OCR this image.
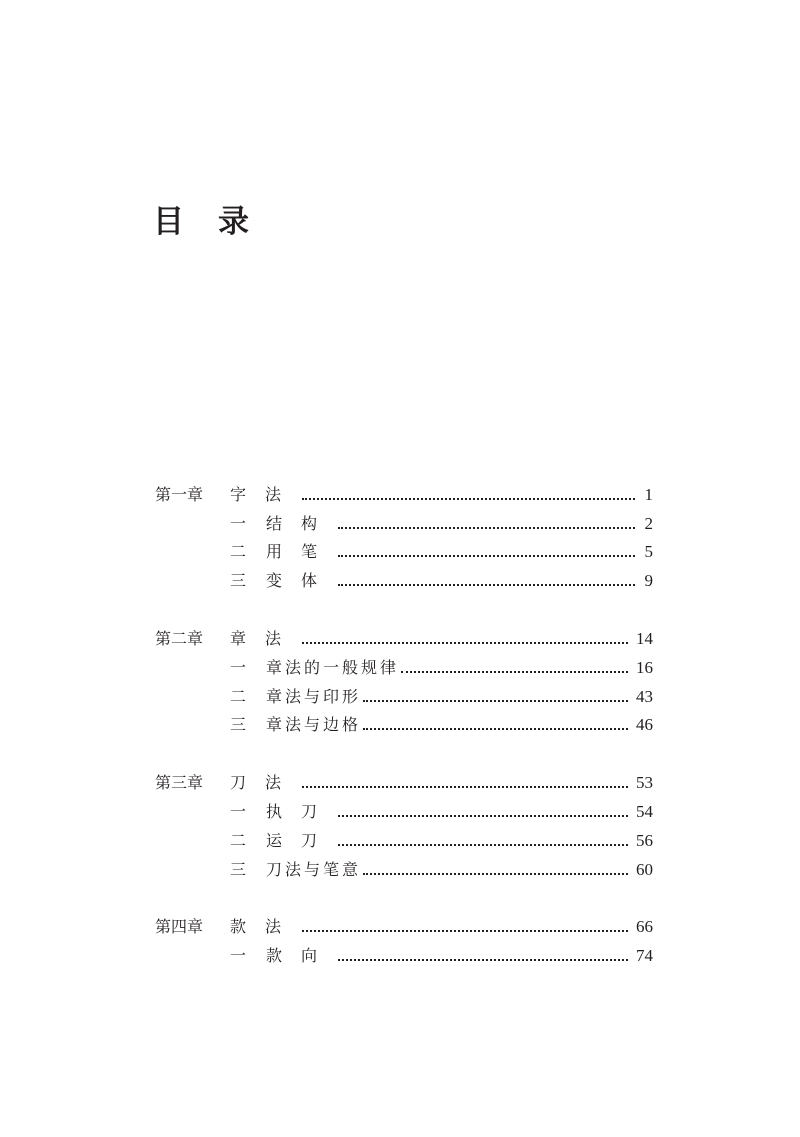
目 录
第一章	字法	1
一	结构	2
二	用笔	5
三	变体	9
第二章	章法	14
一	章法的一般规律	16
二	章法与印形	43
三	章法与边格	46
第三章	刀法	53
一	执刀	54
二	运刀	56
三	刀法与笔意	60
第四章	款法	66
一	款向	74
